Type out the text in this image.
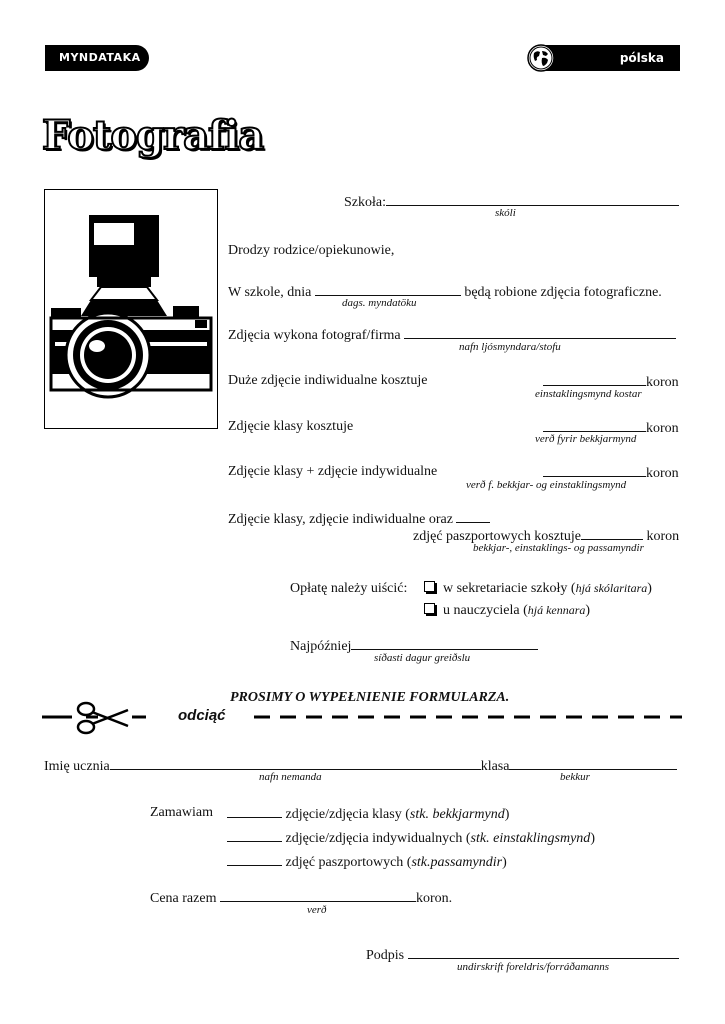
MYNDATAKA	pólska
Fotografia
Szkoła:
skóli
Drodzy rodzice/opiekunowie,
W szkole, dnia	będą robione zdjęcia fotograficzne.
dags. myndatöku
Zdjęcia wykona fotograf/firma
nafn ljósmyndara/stofu
Duże zdjęcie indiwidualne kosztuje	koron
einstaklingsmynd kostar
Zdjęcie klasy kosztuje	koron
verð fyrir bekkjarmynd
Zdjęcie klasy + zdjęcie indywidualne	koron
verð f. bekkjar- og einstaklingsmynd
Zdjęcie klasy, zdjęcie indiwidualne oraz
zdjęć paszportowych kosztuje	koron
bekkjar-, einstaklings- og passamyndir
Opłatę należy uiścić:	w sekretariacie szkoły (hjá skólaritara)
u nauczyciela (hjá kennara)
Najpóźniej
síðasti dagur greiðslu
PROSIMY O WYPEŁNIENIE FORMULARZA.
odciąć
Imię ucznia	klasa
nafn nemanda	bekkur
Zamawiam	zdjęcie/zdjęcia klasy (stk. bekkjarmynd)
zdjęcie/zdjęcia indywidualnych (stk. einstaklingsmynd)
zdjęć paszportowych (stk.passamyndir)
Cena razem	koron.
verð
Podpis
undirskrift foreldris/forráðamanns
